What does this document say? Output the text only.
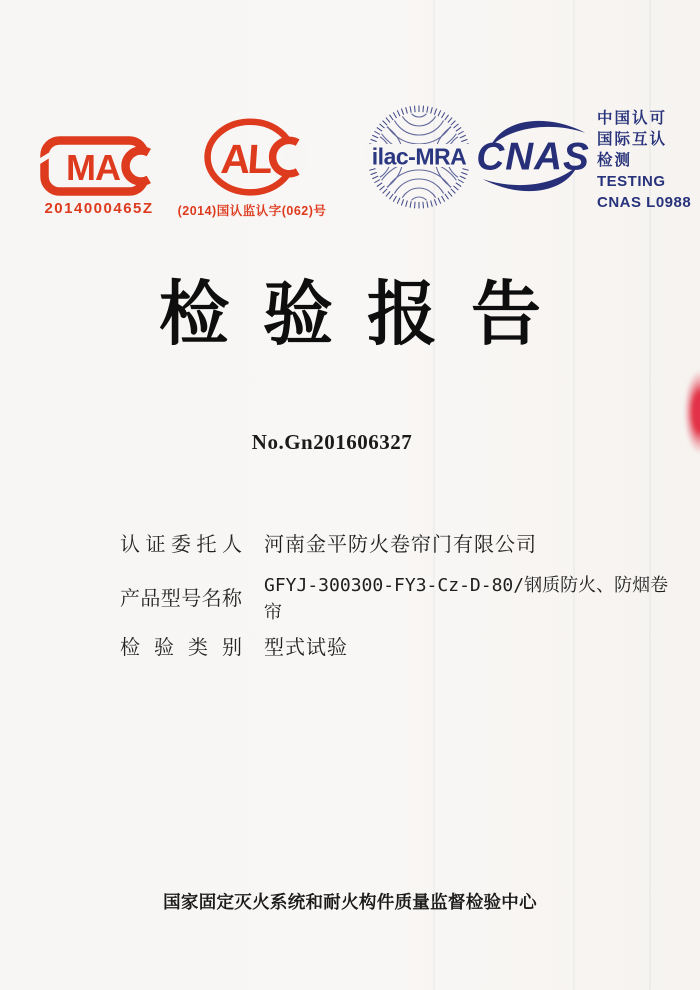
MA
2014000465Z
AL
(2014)国认监认字(062)号
ilac-MRA CNAS
中国认可
国际互认
检测
TESTING
CNAS L0988
检验报告
No.Gn201606327
认 证 委 托 人 河南金平防火卷帘门有限公司
产品型号名称
GFYJ-300300-FY3-Cz-D-80/钢质防火、防烟卷帘
检 验 类 别 型式试验
国家固定灭火系统和耐火构件质量监督检验中心
